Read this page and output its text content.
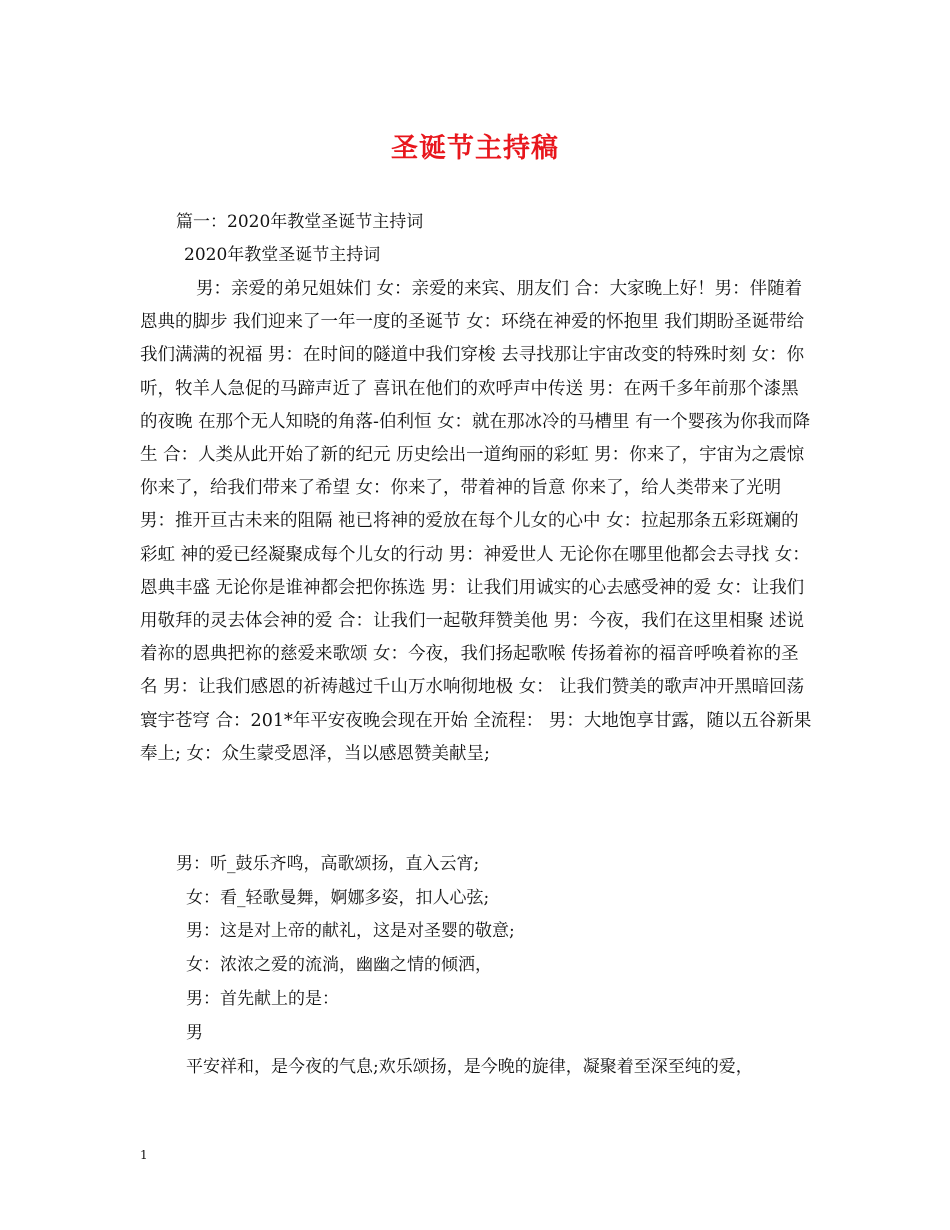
圣诞节主持稿
篇一：2020年教堂圣诞节主持词
2020年教堂圣诞节主持词

男：亲爱的弟兄姐妹们 女：亲爱的来宾、朋友们 合：大家晚上好！男：伴随着恩典的脚步 我们迎来了一年一度的圣诞节 女：环绕在神爱的怀抱里 我们期盼圣诞带给我们满满的祝福 男：在时间的隧道中我们穿梭 去寻找那让宇宙改变的特殊时刻 女：你听，牧羊人急促的马蹄声近了 喜讯在他们的欢呼声中传送 男：在两千多年前那个漆黑的夜晚 在那个无人知晓的角落-伯利恒 女：就在那冰冷的马槽里 有一个婴孩为你我而降生 合：人类从此开始了新的纪元 历史绘出一道绚丽的彩虹 男：你来了，宇宙为之震惊 你来了，给我们带来了希望 女：你来了，带着神的旨意 你来了，给人类带来了光明 男：推开亘古未来的阻隔 祂已将神的爱放在每个儿女的心中 女：拉起那条五彩斑斓的彩虹 神的爱已经凝聚成每个儿女的行动 男：神爱世人 无论你在哪里他都会去寻找 女：恩典丰盛 无论你是谁神都会把你拣选 男：让我们用诚实的心去感受神的爱 女：让我们用敬拜的灵去体会神的爱 合：让我们一起敬拜赞美他 男：今夜，我们在这里相聚 述说着祢的恩典把祢的慈爱来歌颂 女：今夜，我们扬起歌喉 传扬着祢的福音呼唤着祢的圣名 男：让我们感恩的祈祷越过千山万水响彻地极 女： 让我们赞美的歌声冲开黑暗回荡寰宇苍穹 合：201*年平安夜晚会现在开始 全流程： 男：大地饱享甘露，随以五谷新果奉上; 女：众生蒙受恩泽，当以感恩赞美献呈;

男：听_鼓乐齐鸣，高歌颂扬，直入云宵;
女：看_轻歌曼舞，婀娜多姿，扣人心弦;
男：这是对上帝的献礼，这是对圣婴的敬意;
女：浓浓之爱的流淌，幽幽之情的倾洒，
男：首先献上的是：
男
平安祥和，是今夜的气息;欢乐颂扬，是今晚的旋律，凝聚着至深至纯的爱，
1
